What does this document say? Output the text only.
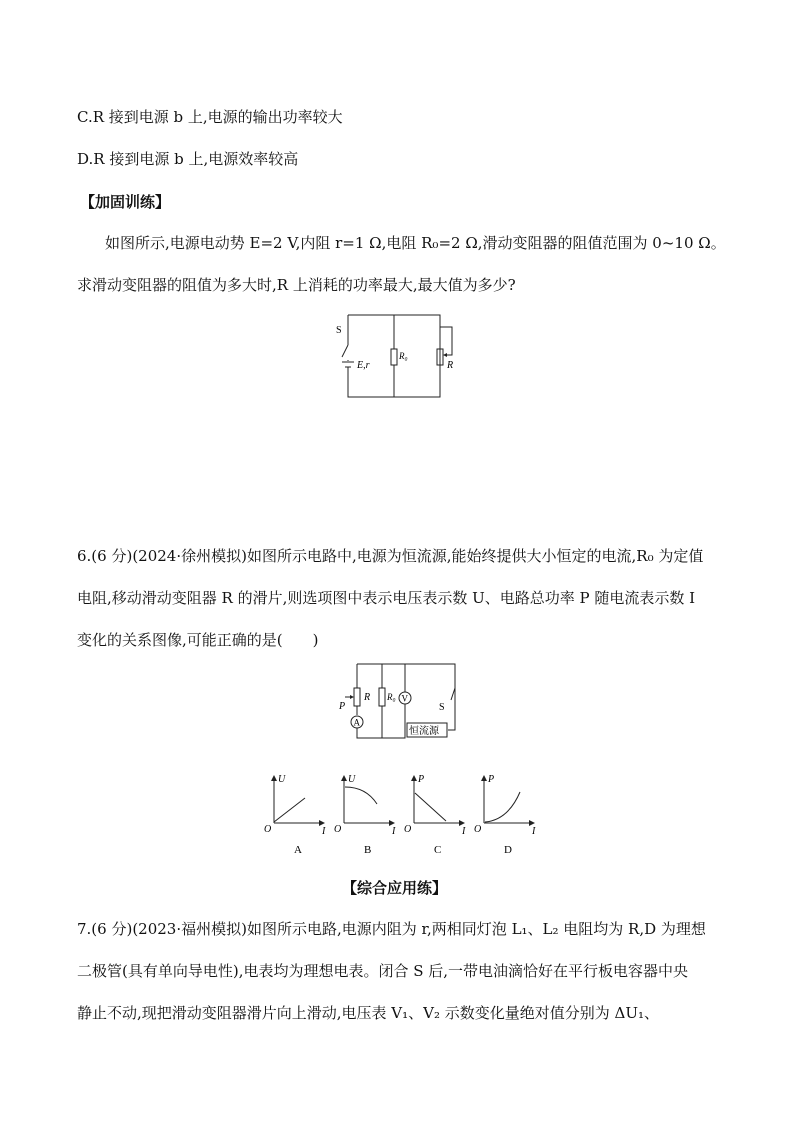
C.R 接到电源 b 上,电源的输出功率较大
D.R 接到电源 b 上,电源效率较高
【加固训练】
如图所示,电源电动势 E=2 V,内阻 r=1 Ω,电阻 R₀=2 Ω,滑动变阻器的阻值范围为 0~10 Ω。
求滑动变阻器的阻值为多大时,R 上消耗的功率最大,最大值为多少?
S
E,r
R₀
R
6.(6 分)(2024·徐州模拟)如图所示电路中,电源为恒流源,能始终提供大小恒定的电流,R₀ 为定值
电阻,移动滑动变阻器 R 的滑片,则选项图中表示电压表示数 U、电路总功率 P 随电流表示数 I
变化的关系图像,可能正确的是(　　)
P
R R₀
A
V
S
恒流源
U
O	I
A
U
O	I
B
P
O	I
C
P
O	I
D
【综合应用练】
7.(6 分)(2023·福州模拟)如图所示电路,电源内阻为 r,两相同灯泡 L₁、L₂ 电阻均为 R,D 为理想
二极管(具有单向导电性),电表均为理想电表。闭合 S 后,一带电油滴恰好在平行板电容器中央
静止不动,现把滑动变阻器滑片向上滑动,电压表 V₁、V₂ 示数变化量绝对值分别为 ΔU₁、
